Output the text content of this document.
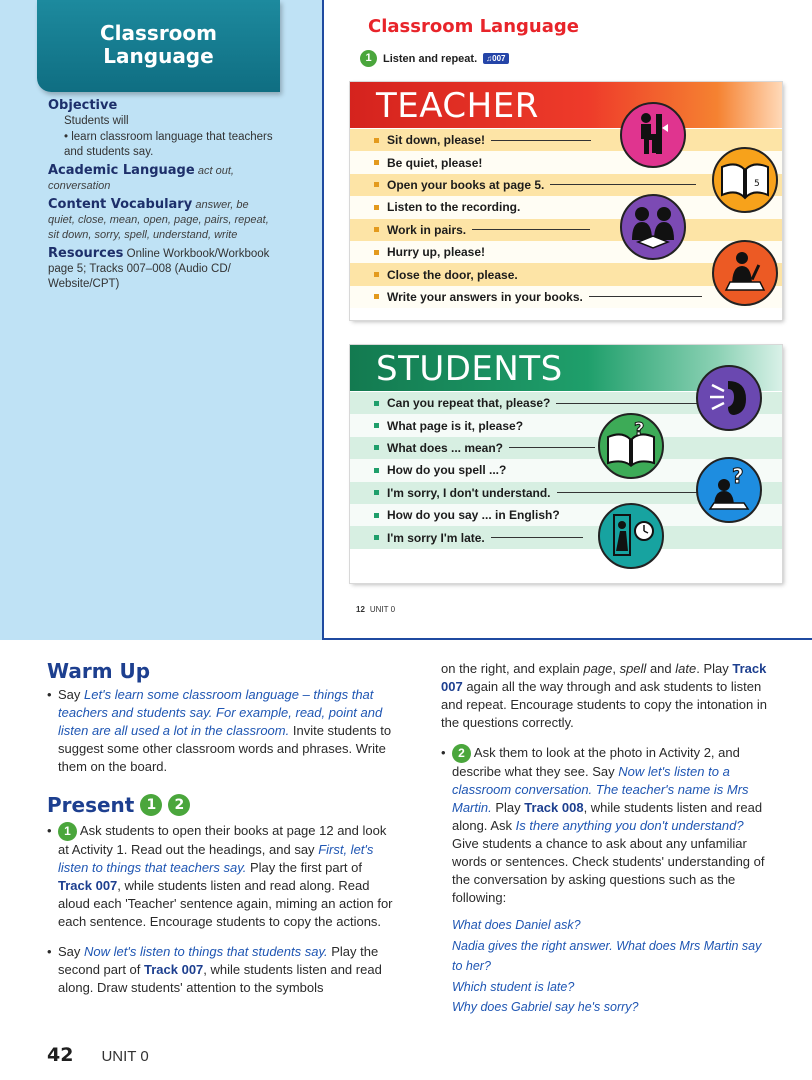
Classroom
Language

Objective

Students will

• learn classroom language that teachers and students say.

Academic Language act out, conversation

Content Vocabulary answer, be quiet, close, mean, open, page, pairs, repeat, sit down, sorry, spell, understand, write

Resources Online Workbook/Workbook page 5; Tracks 007–008 (Audio CD/ Website/CPT)

Classroom Language
1	Listen and repeat.	♫007
TEACHER
Sit down, please!
Be quiet, please!
Open your books at page 5.
Listen to the recording.
Work in pairs.
Hurry up, please!
Close the door, please.
Write your answers in your books.
5
STUDENTS
Can you repeat that, please?
What page is it, please?
What does ... mean?
How do you spell ...?
I'm sorry, I don't understand.
How do you say ... in English?
I'm sorry I'm late.
?
?
12 UNIT 0
Warm Up
• Say Let's learn some classroom language – things that teachers and students say. For example, read, point and listen are all used a lot in the classroom. Invite students to suggest some other classroom words and phrases. Write them on the board.
Present 1	2
• 1 Ask students to open their books at page 12 and look at Activity 1. Read out the headings, and say First, let's listen to things that teachers say. Play the first part of Track 007, while students listen and read along. Read aloud each 'Teacher' sentence again, miming an action for each sentence. Encourage students to copy the actions.
• Say Now let's listen to things that students say. Play the second part of Track 007, while students listen and read along. Draw students' attention to the symbols
on the right, and explain page, spell and late. Play Track 007 again all the way through and ask students to listen and repeat. Encourage students to copy the intonation in the questions correctly.
• 2 Ask them to look at the photo in Activity 2, and describe what they see. Say Now let's listen to a classroom conversation. The teacher's name is Mrs Martin. Play Track 008, while students listen and read along. Ask Is there anything you don't understand? Give students a chance to ask about any unfamiliar words or sentences. Check students' understanding of the conversation by asking questions such as the following:
What does Daniel ask?
Nadia gives the right answer. What does Mrs Martin say to her?
Which student is late?
Why does Gabriel say he's sorry?
42 UNIT 0
